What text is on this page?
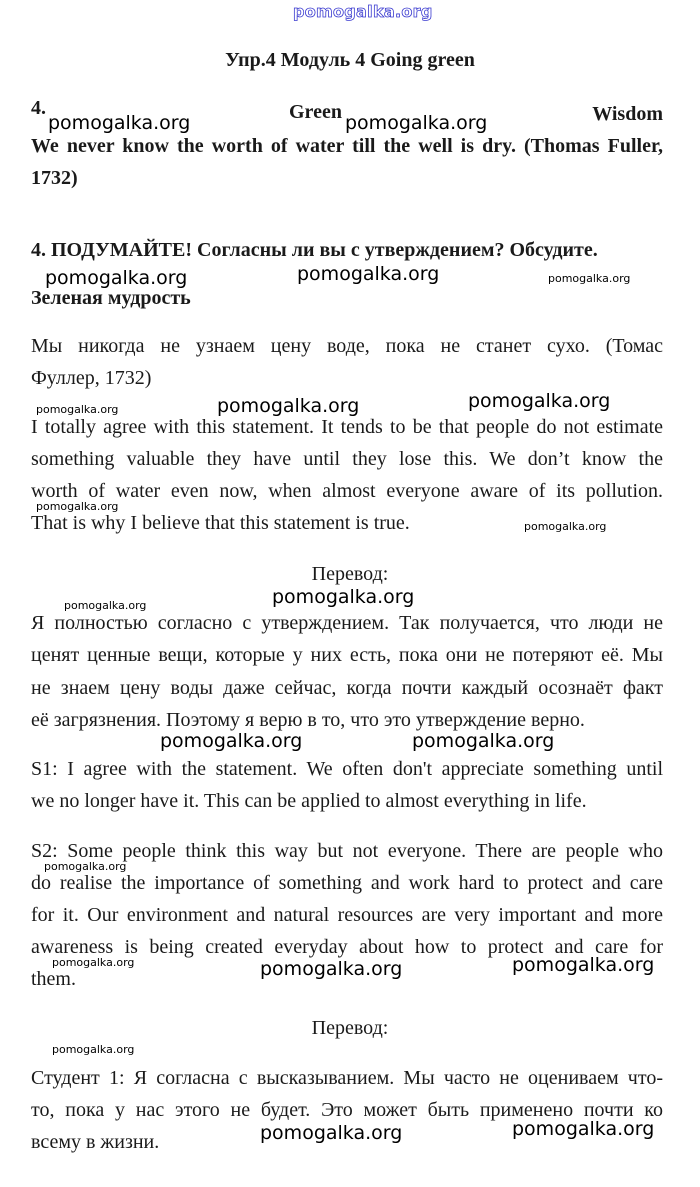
Упр.4 Модуль 4 Going green
4.	Green	Wisdom
We never know the worth of water till the well is dry. (Thomas Fuller,
1732)
4. ПОДУМАЙТЕ! Согласны ли вы с утверждением? Обсудите.
Зеленая мудрость
Мы никогда не узнаем цену воде, пока не станет сухо. (Томас
Фуллер, 1732)
I totally agree with this statement. It tends to be that people do not estimate
something valuable they have until they lose this. We don’t know the
worth of water even now, when almost everyone aware of its pollution.
That is why I believe that this statement is true.
Перевод:
Я полностью согласно с утверждением. Так получается, что люди не
ценят ценные вещи, которые у них есть, пока они не потеряют её. Мы
не знаем цену воды даже сейчас, когда почти каждый осознаёт факт
её загрязнения. Поэтому я верю в то, что это утверждение верно.
S1: I agree with the statement. We often don't appreciate something until
we no longer have it. This can be applied to almost everything in life.
S2: Some people think this way but not everyone. There are people who
do realise the importance of something and work hard to protect and care
for it. Our environment and natural resources are very important and more
awareness is being created everyday about how to protect and care for
them.
Перевод:
Студент 1: Я согласна с высказыванием. Мы часто не оцениваем что-
то, пока у нас этого не будет. Это может быть применено почти ко
всему в жизни.
pomogalka.org
pomogalka.org	pomogalka.org
pomogalka.org	pomogalka.org	pomogalka.org
pomogalka.org	pomogalka.org	pomogalka.org
pomogalka.org
pomogalka.org
pomogalka.org	pomogalka.org
pomogalka.org	pomogalka.org
pomogalka.org
pomogalka.org	pomogalka.org	pomogalka.org
pomogalka.org
pomogalka.org	pomogalka.org
